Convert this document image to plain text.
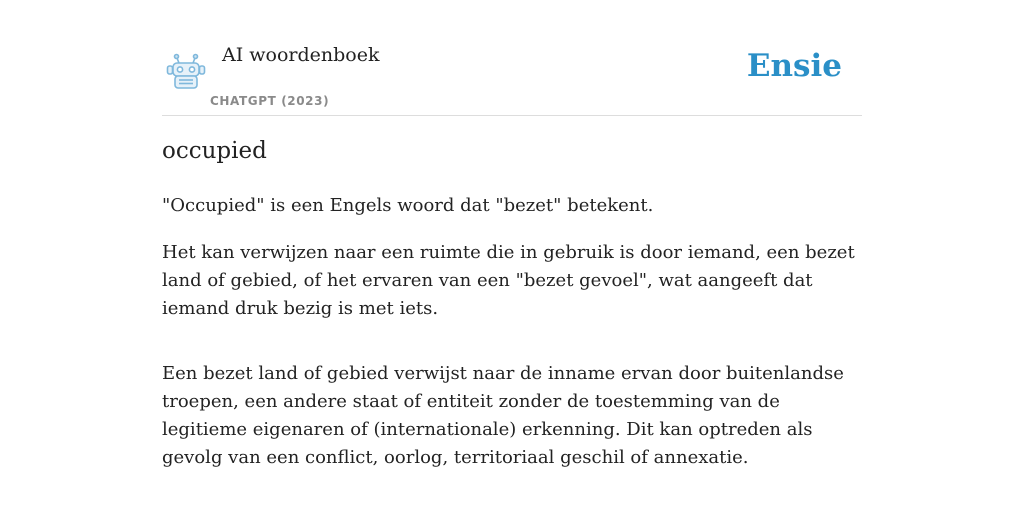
AI woordenboek
CHATGPT (2023)
Ensie
occupied

"Occupied" is een Engels woord dat "bezet" betekent.

Het kan verwijzen naar een ruimte die in gebruik is door iemand, een bezet land of gebied, of het ervaren van een "bezet gevoel", wat aangeeft dat iemand druk bezig is met iets.

Een bezet land of gebied verwijst naar de inname ervan door buitenlandse troepen, een andere staat of entiteit zonder de toestemming van de legitieme eigenaren of (internationale) erkenning. Dit kan optreden als gevolg van een conflict, oorlog, territoriaal geschil of annexatie.
